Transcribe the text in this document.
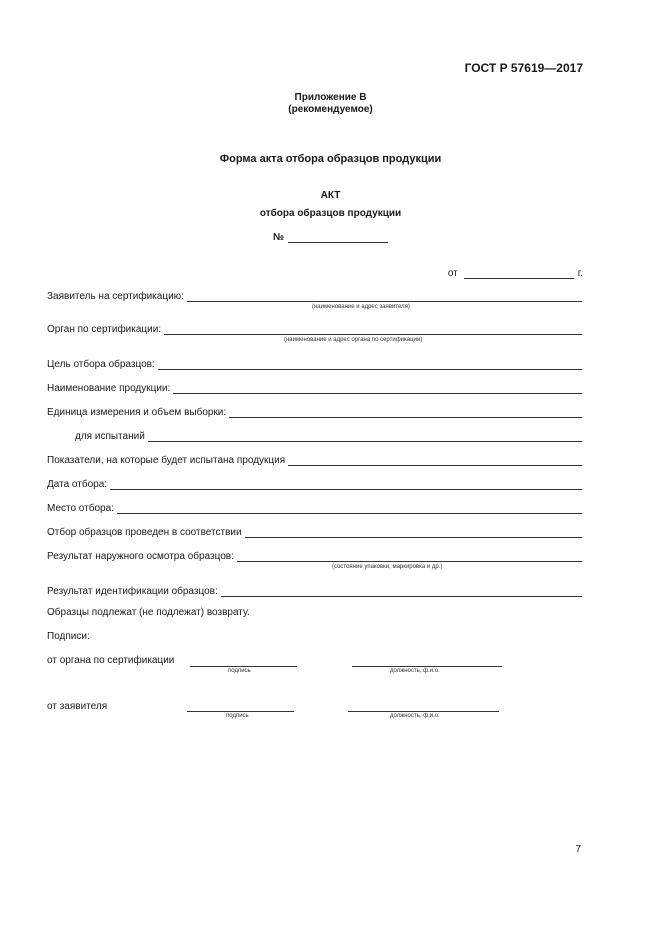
ГОСТ Р 57619—2017
Приложение В
(рекомендуемое)
Форма акта отбора образцов продукции
АКТ
отбора образцов продукции
№
от	г.
Заявитель на сертификацию:
(наименование и адрес заявителя)
Орган по сертификации:
(наименование и адрес органа по сертификации)
Цель отбора образцов:
Наименование продукции:
Единица измерения и объем выборки:
для испытаний
Показатели, на которые будет испытана продукция
Дата отбора:
Место отбора:
Отбор образцов проведен в соответствии
Результат наружного осмотра образцов:
(состояние упаковки, маркировка и др.)
Результат идентификации образцов:
Образцы подлежат (не подлежат) возврату.
Подписи:
от органа по сертификации
подпись	должность, ф.и.о.
от заявителя
подпись	должность, ф.и.о.
7
